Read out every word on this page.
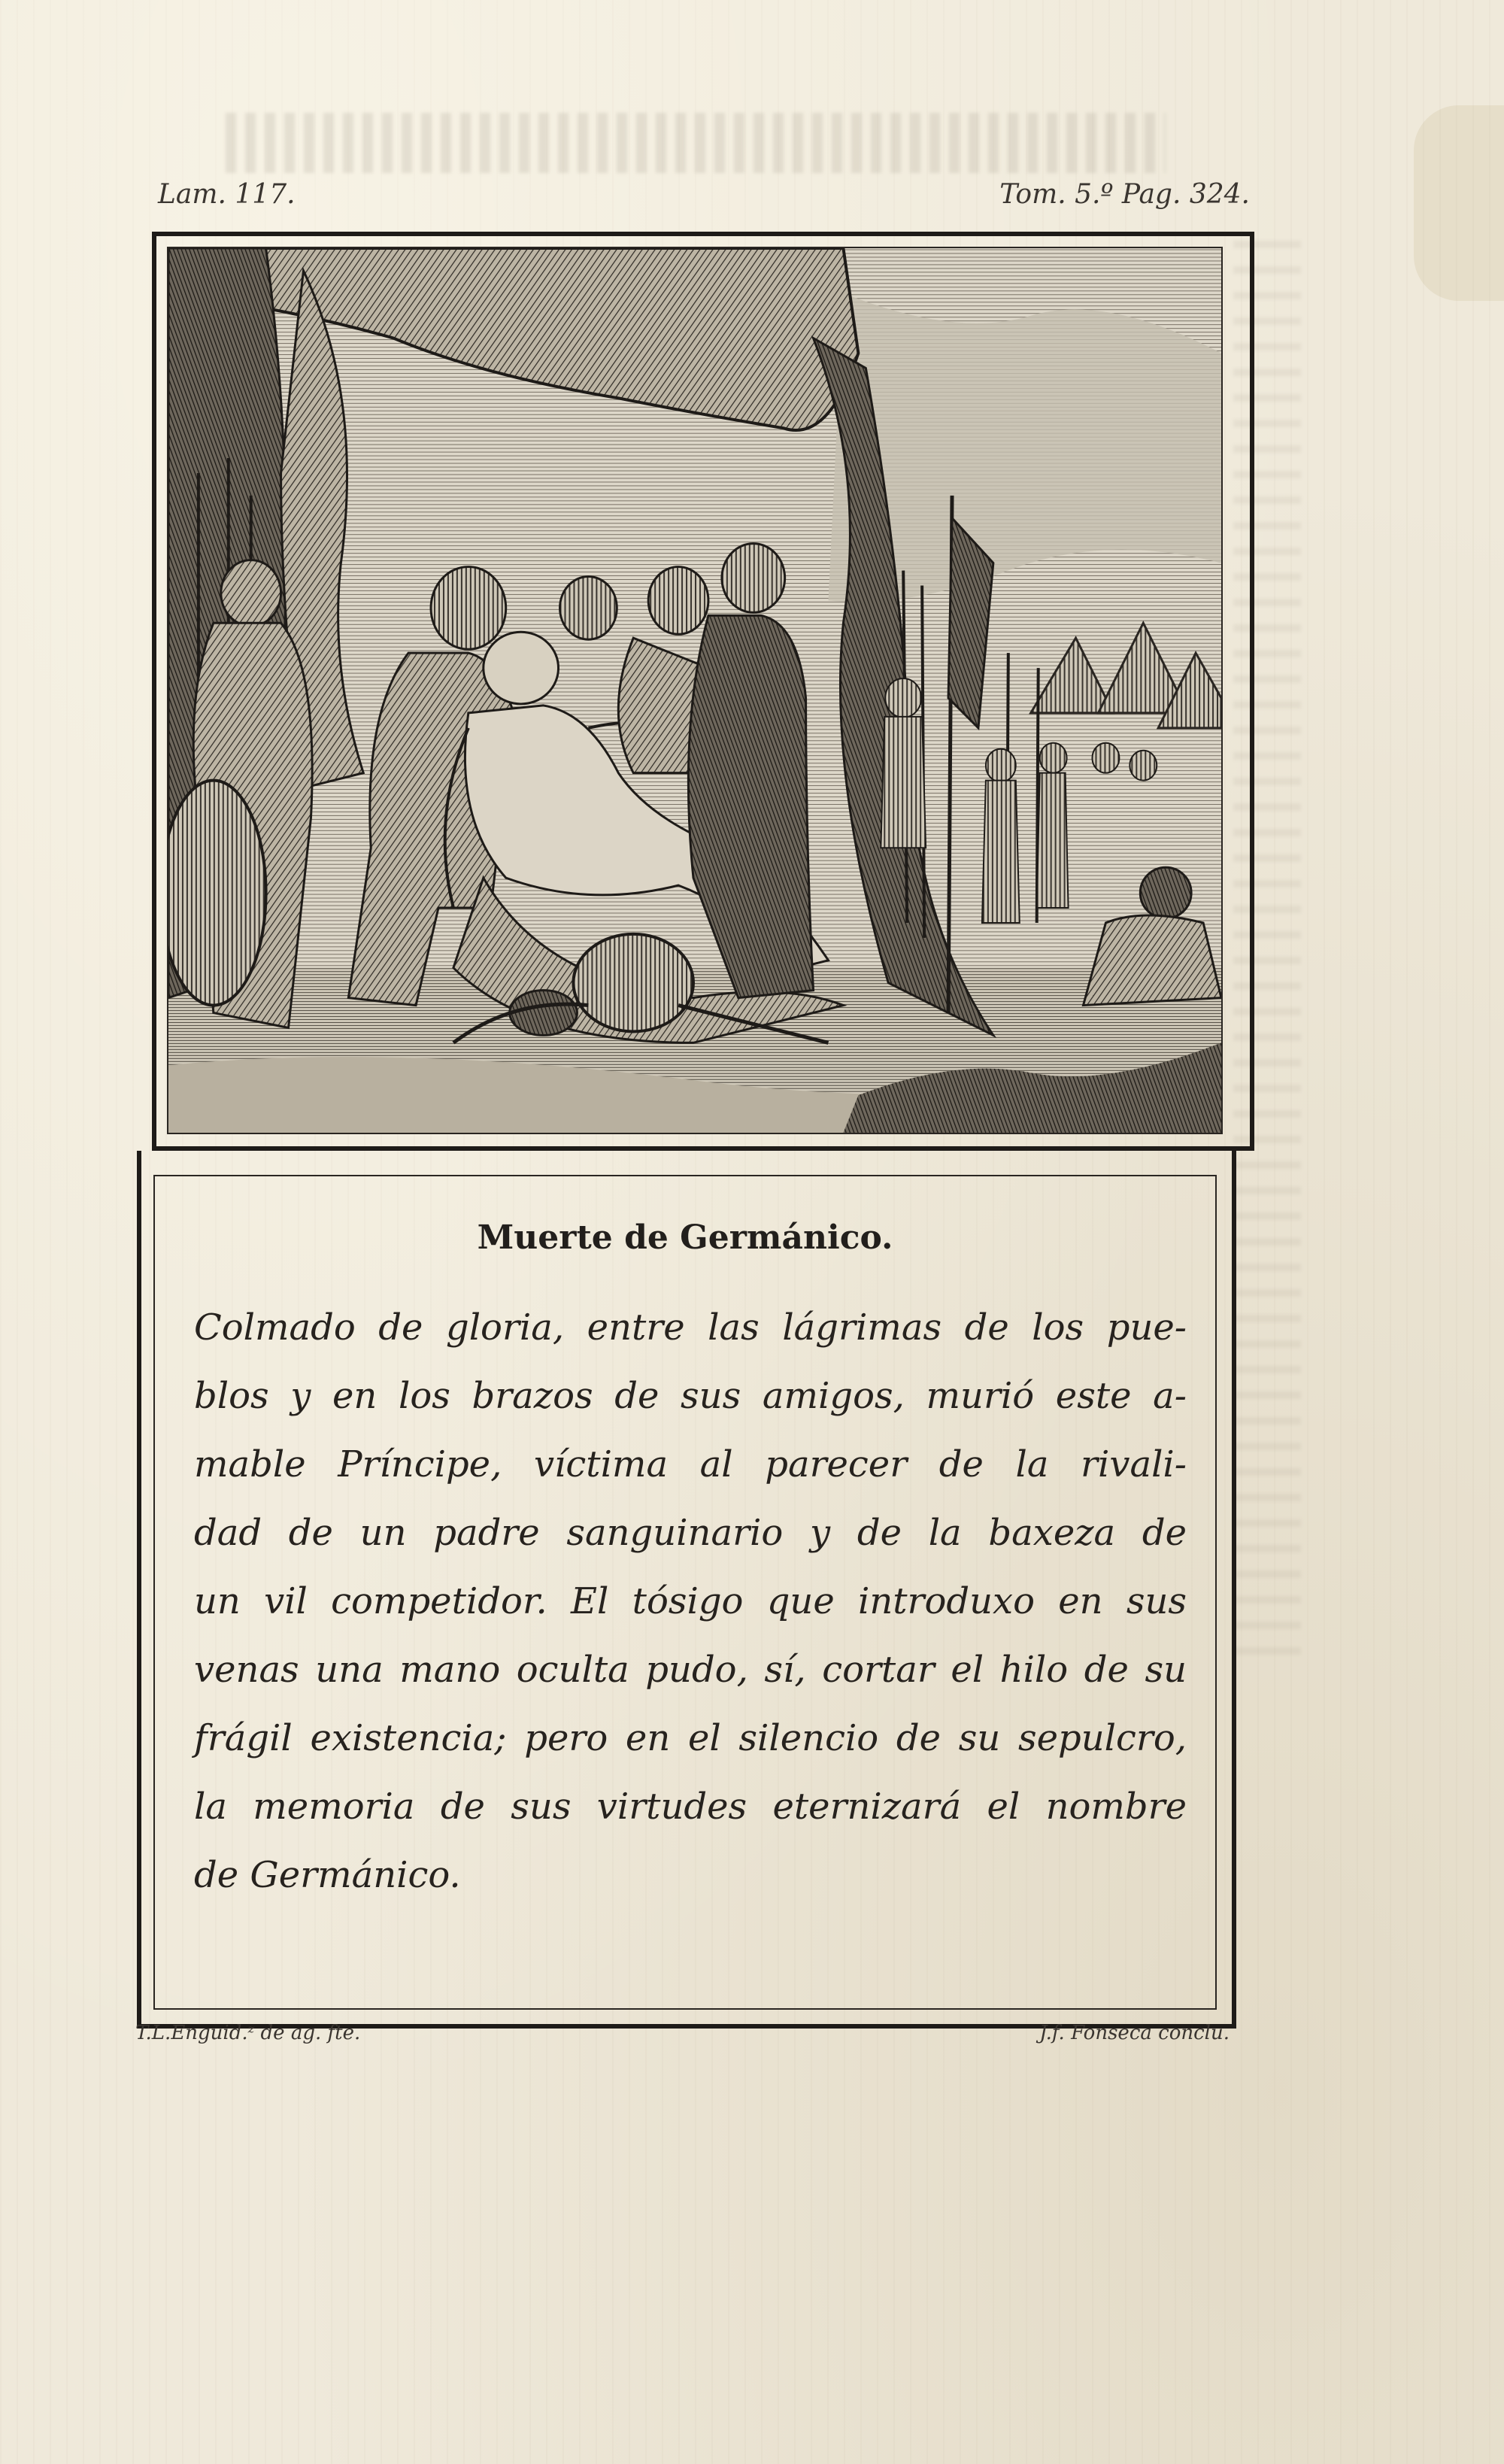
Lam. 117.	Tom. 5.º Pag. 324.
Muerte de Germánico.
Colmado de gloria, entre las lágrimas de los pue-
blos y en los brazos de sus amigos, murió este a-
mable Príncipe, víctima al parecer de la rivali-
dad de un padre sanguinario y de la baxeza de
un vil competidor. El tósigo que introduxo en sus
venas una mano oculta pudo, sí, cortar el hilo de su
frágil existencia; pero en el silencio de su sepulcro,
la memoria de sus virtudes eternizará el nombre
de Germánico.
T.L.Enguid.ᶻ de ag. fte.	J.f. Fonseca conclu.
